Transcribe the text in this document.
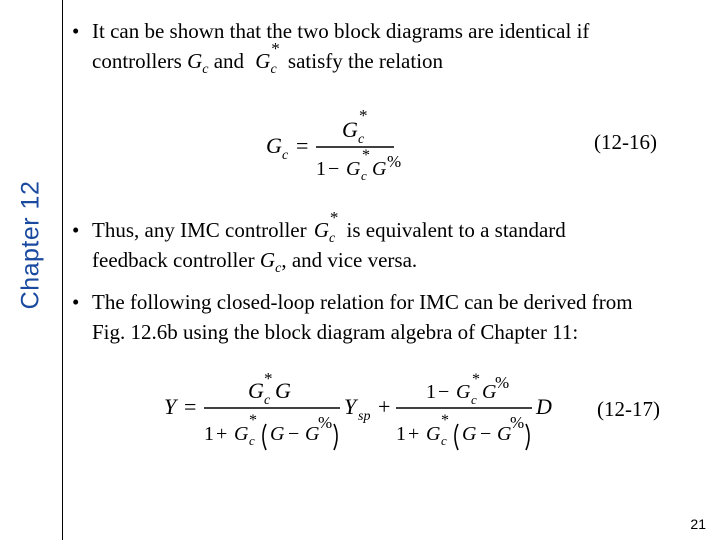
Chapter 12
• It can be shown that the two block diagrams are identical if
controllers $G_c$ and $G_c$
*
satisfy the relation
G c =
G c
*
1 − G c
*
G %
(12-16)
• Thus, any IMC controller $G_c$
*
is equivalent to a standard
feedback controller $G_c$, and vice versa.
• The following closed-loop relation for IMC can be derived from
Fig. 12.6b using the block diagram algebra of Chapter 11:
Y =
G c
* G
1 + G c
*
G − G
%
Y sp +
1 − G c
*
G
%
1 + G c
*
G − G
%
D (12-17)
21
